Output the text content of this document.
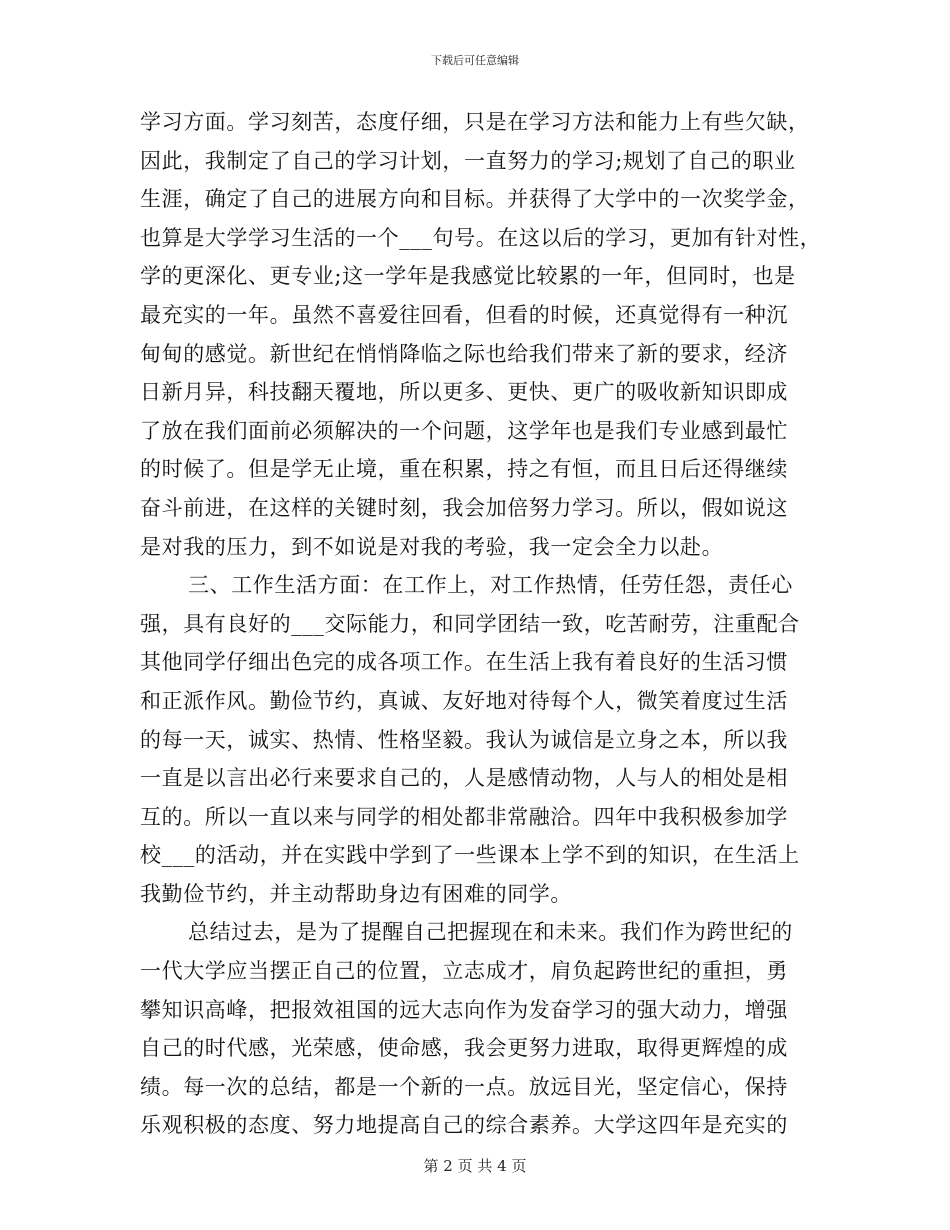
下载后可任意编辑
学习方面。学习刻苦，态度仔细，只是在学习方法和能力上有些欠缺，
因此，我制定了自己的学习计划，一直努力的学习;规划了自己的职业
生涯，确定了自己的进展方向和目标。并获得了大学中的一次奖学金，
也算是大学学习生活的一个___句号。在这以后的学习，更加有针对性，
学的更深化、更专业;这一学年是我感觉比较累的一年，但同时，也是
最充实的一年。虽然不喜爱往回看，但看的时候，还真觉得有一种沉
甸甸的感觉。新世纪在悄悄降临之际也给我们带来了新的要求，经济
日新月异，科技翻天覆地，所以更多、更快、更广的吸收新知识即成
了放在我们面前必须解决的一个问题，这学年也是我们专业感到最忙
的时候了。但是学无止境，重在积累，持之有恒，而且日后还得继续
奋斗前进，在这样的关键时刻，我会加倍努力学习。所以，假如说这
是对我的压力，到不如说是对我的考验，我一定会全力以赴。
三、工作生活方面：在工作上，对工作热情，任劳任怨，责任心
强，具有良好的___交际能力，和同学团结一致，吃苦耐劳，注重配合
其他同学仔细出色完的成各项工作。在生活上我有着良好的生活习惯
和正派作风。勤俭节约，真诚、友好地对待每个人，微笑着度过生活
的每一天，诚实、热情、性格坚毅。我认为诚信是立身之本，所以我
一直是以言出必行来要求自己的，人是感情动物，人与人的相处是相
互的。所以一直以来与同学的相处都非常融洽。四年中我积极参加学
校___的活动，并在实践中学到了一些课本上学不到的知识，在生活上
我勤俭节约，并主动帮助身边有困难的同学。
总结过去，是为了提醒自己把握现在和未来。我们作为跨世纪的
一代大学应当摆正自己的位置，立志成才，肩负起跨世纪的重担，勇
攀知识高峰，把报效祖国的远大志向作为发奋学习的强大动力，增强
自己的时代感，光荣感，使命感，我会更努力进取，取得更辉煌的成
绩。每一次的总结，都是一个新的一点。放远目光，坚定信心，保持
乐观积极的态度、努力地提高自己的综合素养。大学这四年是充实的
第 2 页 共 4 页
